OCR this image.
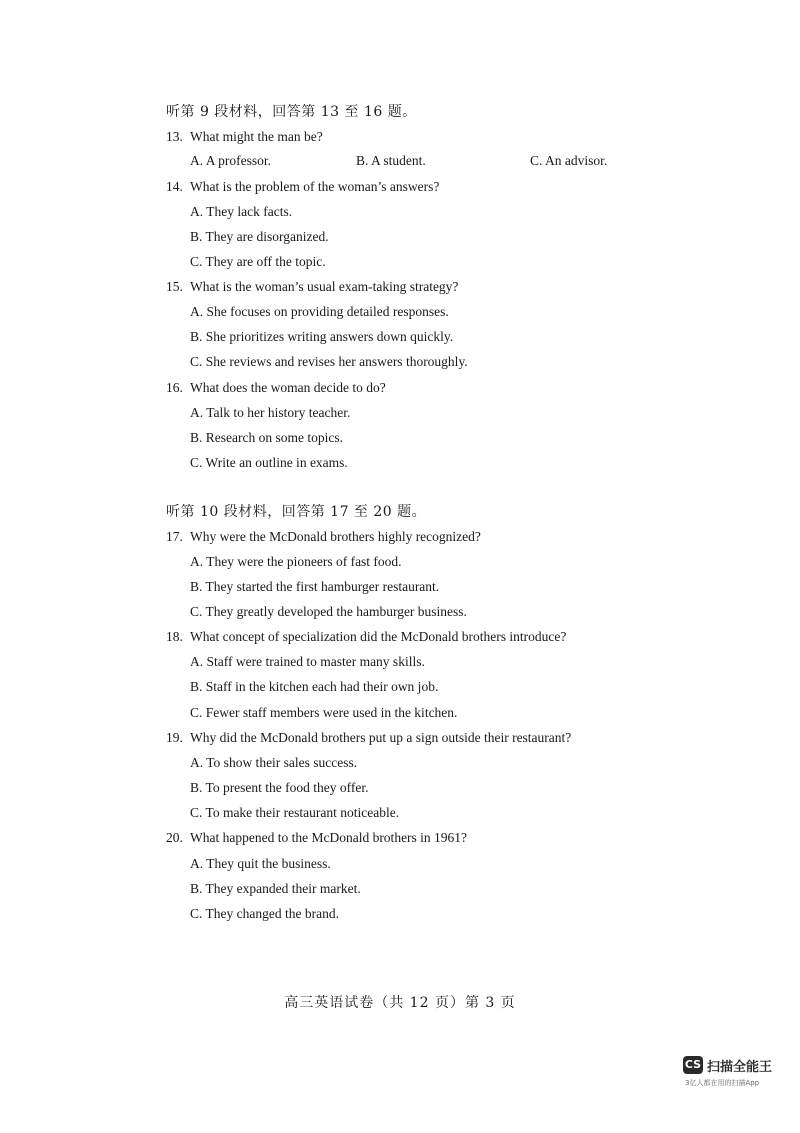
听第 9 段材料，回答第 13 至 16 题。
13. What might the man be?
A. A professor.	B. A student.	C. An advisor.
14. What is the problem of the woman’s answers?
A. They lack facts.
B. They are disorganized.
C. They are off the topic.
15. What is the woman’s usual exam-taking strategy?
A. She focuses on providing detailed responses.
B. She prioritizes writing answers down quickly.
C. She reviews and revises her answers thoroughly.
16. What does the woman decide to do?
A. Talk to her history teacher.
B. Research on some topics.
C. Write an outline in exams.
听第 10 段材料，回答第 17 至 20 题。
17. Why were the McDonald brothers highly recognized?
A. They were the pioneers of fast food.
B. They started the first hamburger restaurant.
C. They greatly developed the hamburger business.
18. What concept of specialization did the McDonald brothers introduce?
A. Staff were trained to master many skills.
B. Staff in the kitchen each had their own job.
C. Fewer staff members were used in the kitchen.
19. Why did the McDonald brothers put up a sign outside their restaurant?
A. To show their sales success.
B. To present the food they offer.
C. To make their restaurant noticeable.
20. What happened to the McDonald brothers in 1961?
A. They quit the business.
B. They expanded their market.
C. They changed the brand.
高三英语试卷（共 12 页）第 3 页
CS 扫描全能王
3亿人都在用的扫描App
